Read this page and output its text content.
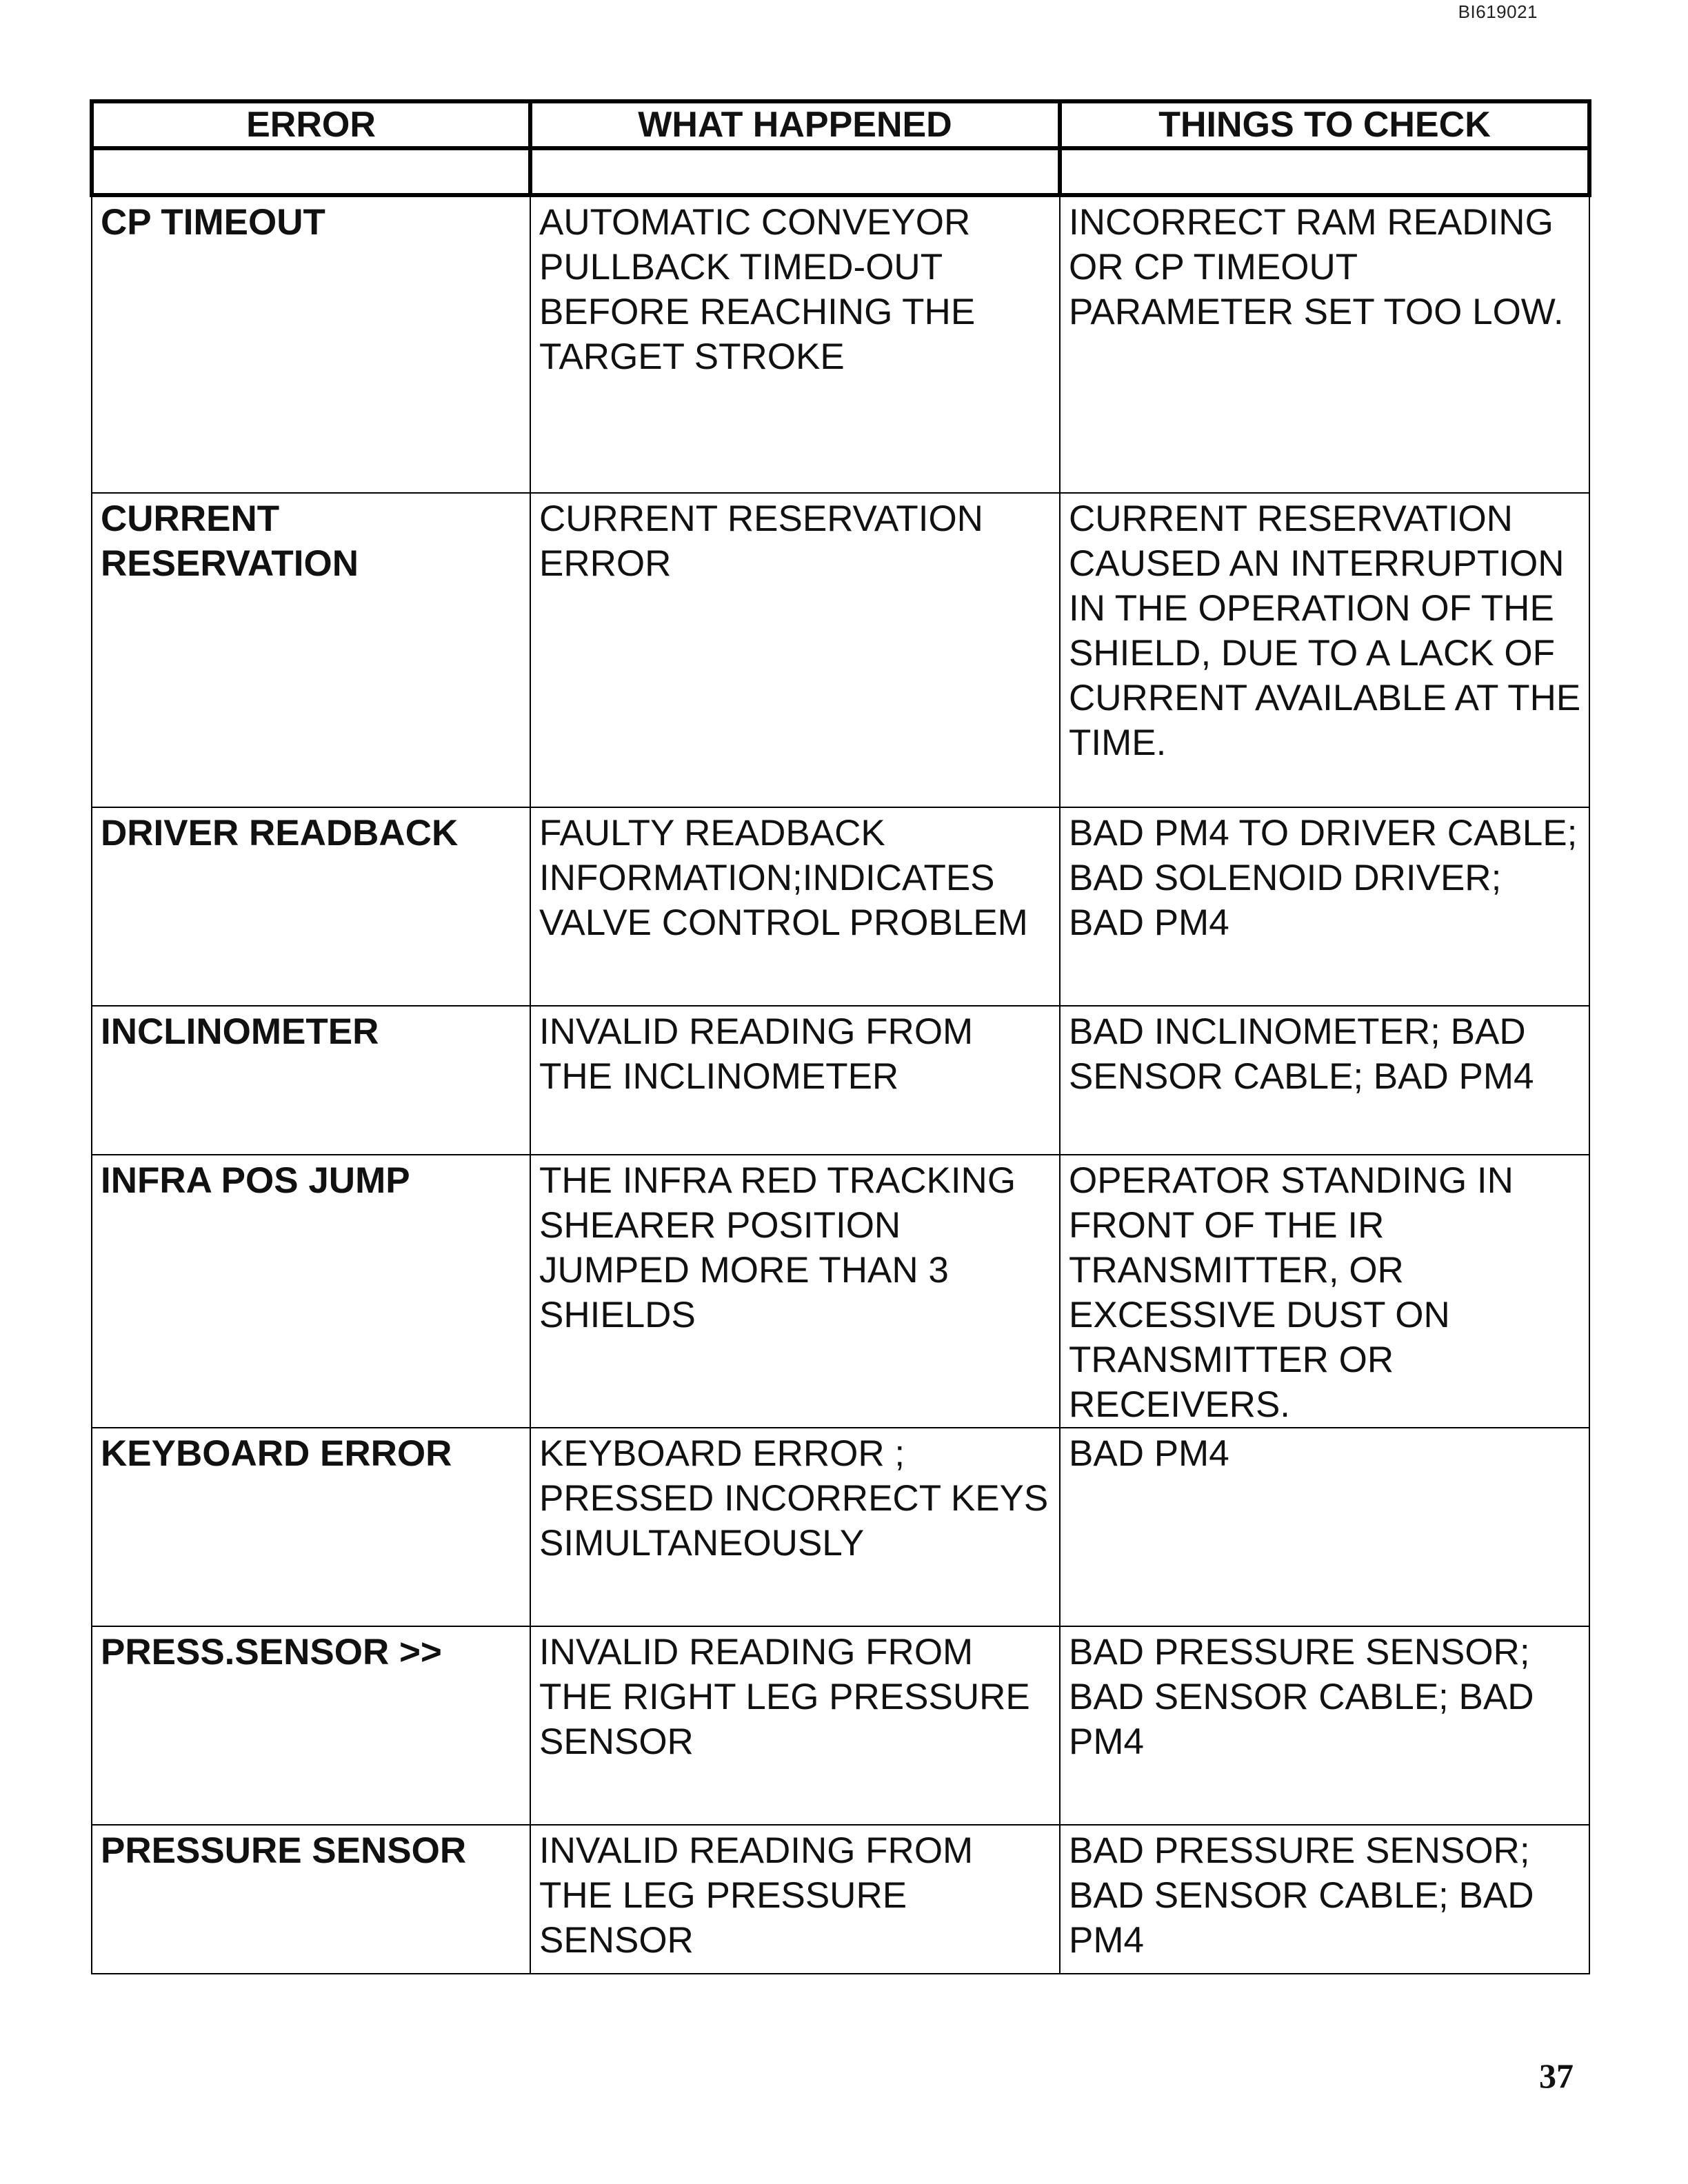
BI619021
ERROR	WHAT HAPPENED	THINGS TO CHECK

CP TIMEOUT	AUTOMATIC CONVEYOR PULLBACK TIMED-OUT BEFORE REACHING THE TARGET STROKE	INCORRECT RAM READING OR CP TIMEOUT PARAMETER SET TOO LOW.
CURRENT RESERVATION	CURRENT RESERVATION ERROR	CURRENT RESERVATION CAUSED AN INTERRUPTION IN THE OPERATION OF THE SHIELD, DUE TO A LACK OF CURRENT AVAILABLE AT THE TIME.
DRIVER READBACK	FAULTY READBACK INFORMATION;INDICATES VALVE CONTROL PROBLEM	BAD PM4 TO DRIVER CABLE; BAD SOLENOID DRIVER; BAD PM4
INCLINOMETER	INVALID READING FROM THE INCLINOMETER	BAD INCLINOMETER; BAD SENSOR CABLE; BAD PM4
INFRA POS JUMP	THE INFRA RED TRACKING SHEARER POSITION JUMPED MORE THAN 3 SHIELDS	OPERATOR STANDING IN FRONT OF THE IR TRANSMITTER, OR EXCESSIVE DUST ON TRANSMITTER OR RECEIVERS.
KEYBOARD ERROR	KEYBOARD ERROR ; PRESSED INCORRECT KEYS SIMULTANEOUSLY	BAD PM4
PRESS.SENSOR >>	INVALID READING FROM THE RIGHT LEG PRESSURE SENSOR	BAD PRESSURE SENSOR; BAD SENSOR CABLE; BAD PM4
PRESSURE SENSOR	INVALID READING FROM THE LEG PRESSURE SENSOR	BAD PRESSURE SENSOR; BAD SENSOR CABLE; BAD PM4
37
